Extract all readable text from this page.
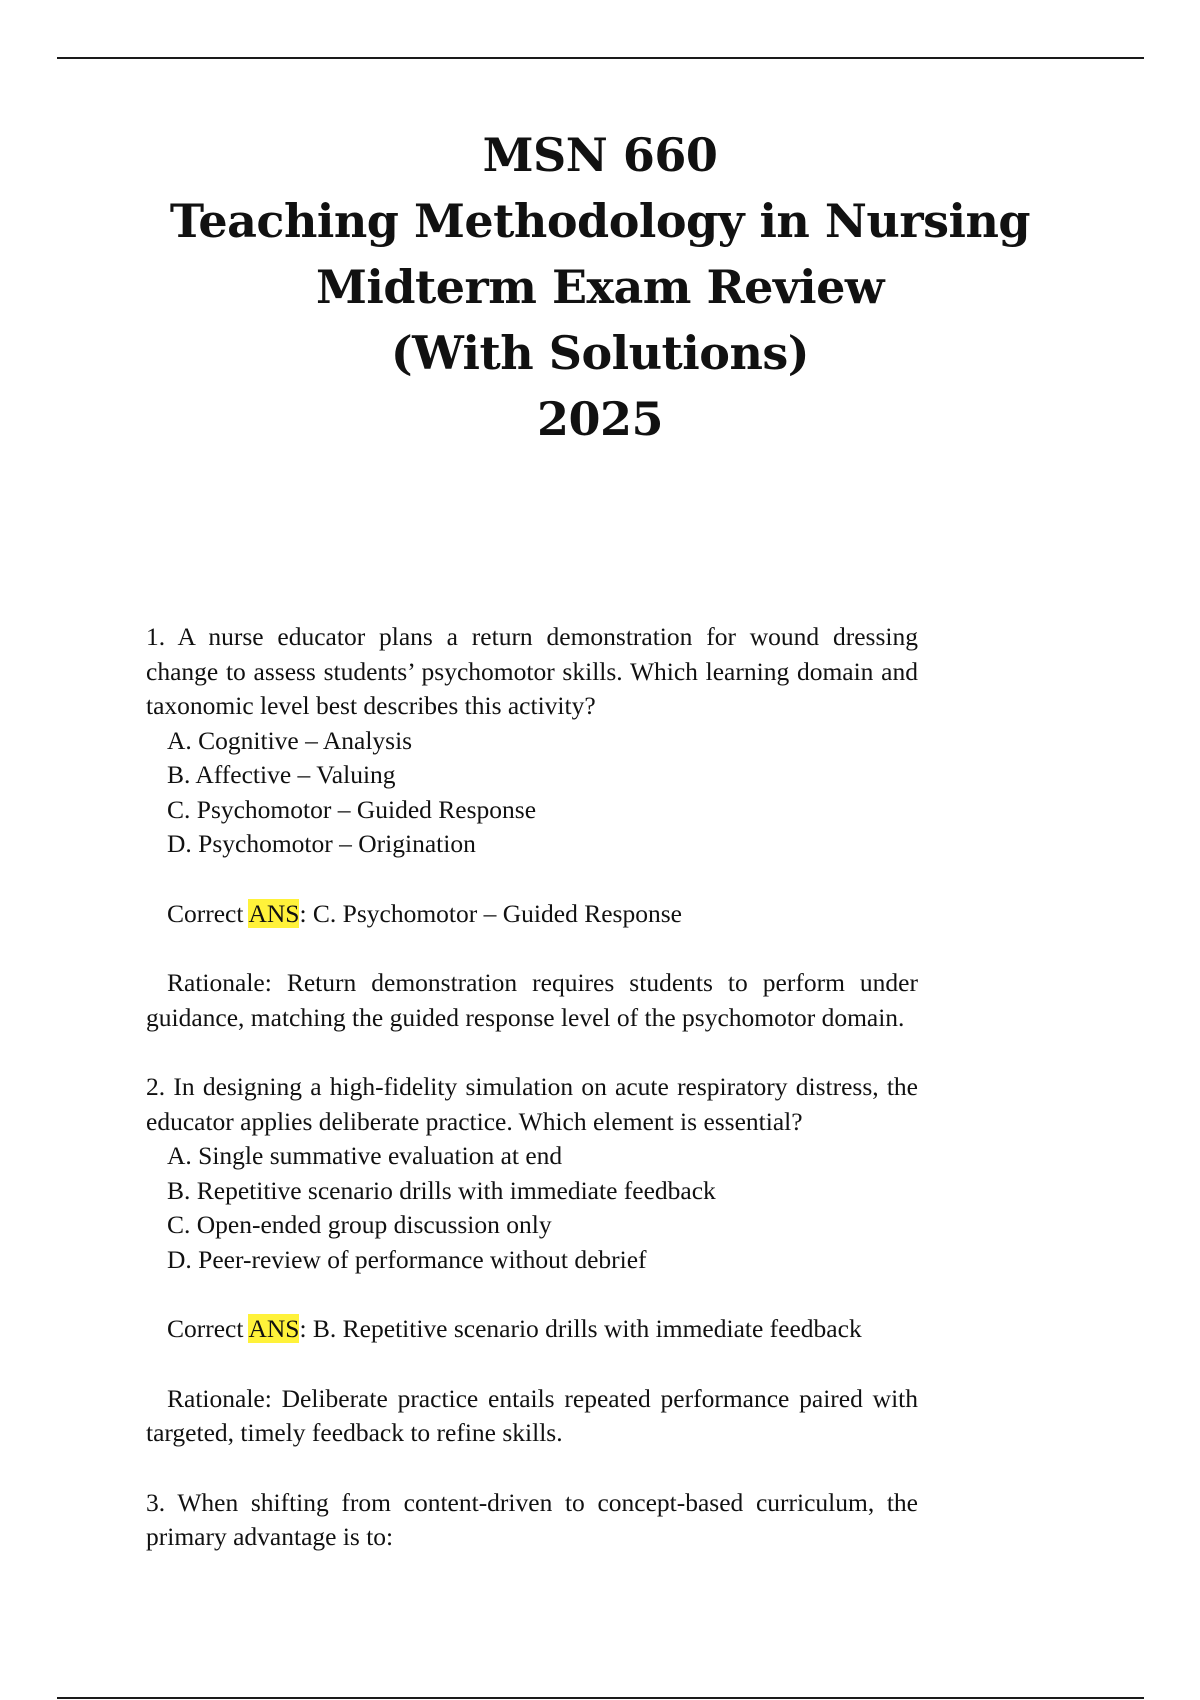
MSN 660
Teaching Methodology in Nursing
Midterm Exam Review
(With Solutions)
2025

1. A nurse educator plans a return demonstration for wound dressing change to assess students’ psychomotor skills. Which learning domain and taxonomic level best describes this activity?

A. Cognitive – Analysis
B. Affective – Valuing
C. Psychomotor – Guided Response
D. Psychomotor – Origination

Correct ANS: C. Psychomotor – Guided Response

Rationale: Return demonstration requires students to perform under guidance, matching the guided response level of the psychomotor domain.

2. In designing a high-fidelity simulation on acute respiratory distress, the educator applies deliberate practice. Which element is essential?

A. Single summative evaluation at end
B. Repetitive scenario drills with immediate feedback
C. Open-ended group discussion only
D. Peer-review of performance without debrief

Correct ANS: B. Repetitive scenario drills with immediate feedback

Rationale: Deliberate practice entails repeated performance paired with targeted, timely feedback to refine skills.

3. When shifting from content-driven to concept-based curriculum, the primary advantage is to:
